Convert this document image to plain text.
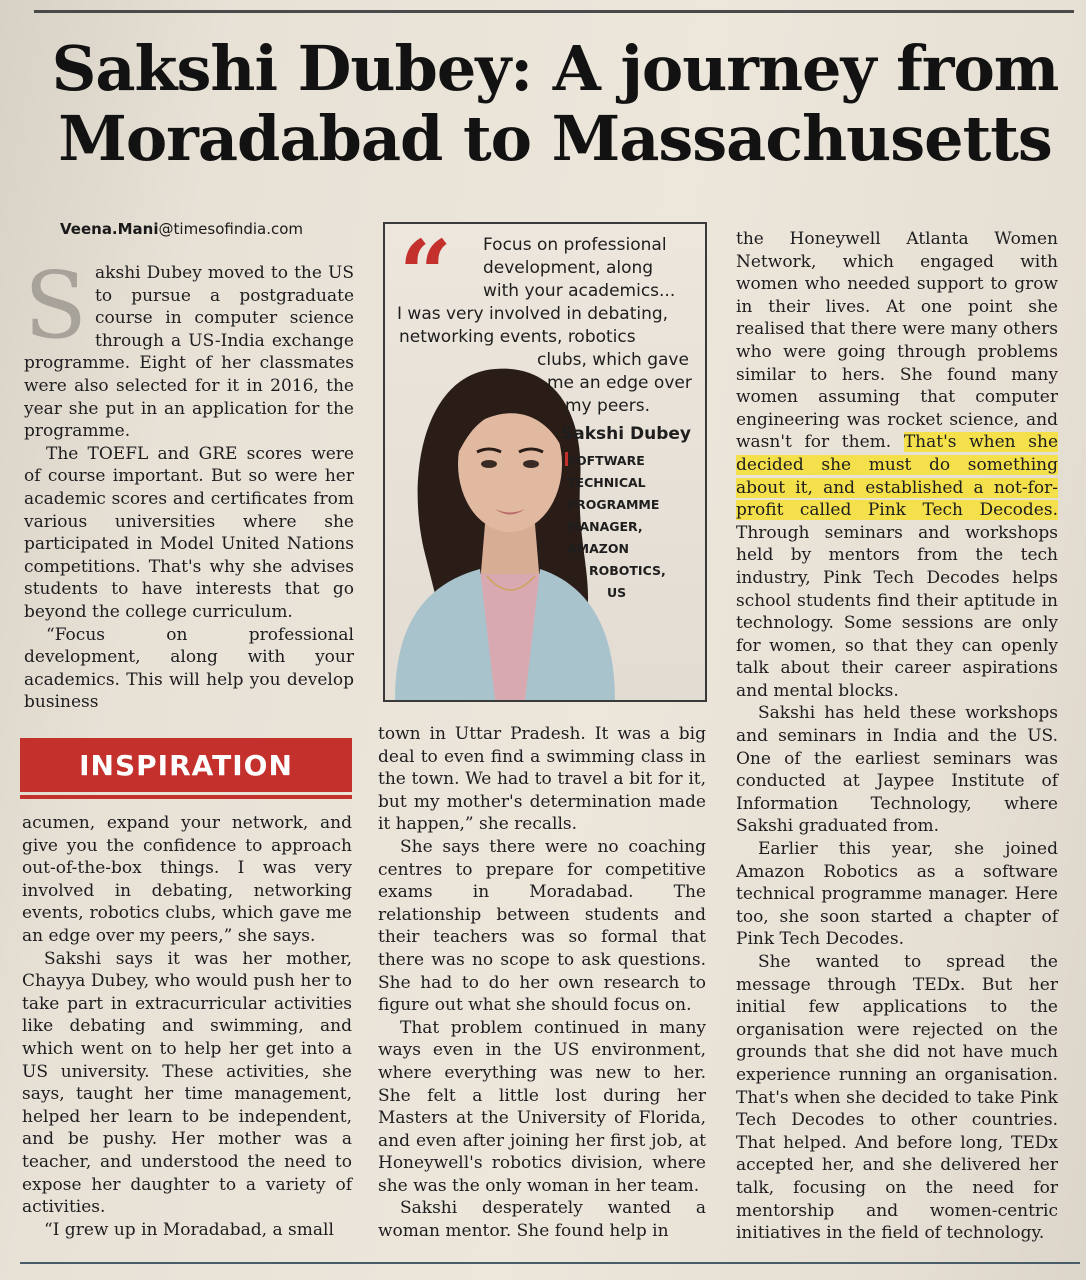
Sakshi Dubey: A journey from Moradabad to Massachusetts
Veena.Mani@timesofindia.com

Sakshi Dubey moved to the US to pursue a postgraduate course in computer science through a US-India exchange programme. Eight of her classmates were also selected for it in 2016, the year she put in an application for the programme.

The TOEFL and GRE scores were of course important. But so were her academic scores and certificates from various universities where she participated in Model United Nations competitions. That's why she advises students to have interests that go beyond the college curriculum.

“Focus on professional development, along with your academics. This will help you develop business

INSPIRATION

acumen, expand your network, and give you the confidence to approach out-of-the-box things. I was very involved in debating, networking events, robotics clubs, which gave me an edge over my peers,” she says.

Sakshi says it was her mother, Chayya Dubey, who would push her to take part in extracurricular activities like debating and swimming, and which went on to help her get into a US university. These activities, she says, taught her time management, helped her learn to be independent, and be pushy. Her mother was a teacher, and understood the need to expose her daughter to a variety of activities.

“I grew up in Moradabad, a small

“	Focus on professional
development, along
with your academics...
I was very involved in debating,
networking events, robotics
clubs, which gave
me an edge over
my peers.
Sakshi Dubey
SOFTWARE
TECHNICAL
PROGRAMME
MANAGER,
AMAZON
ROBOTICS,
US

town in Uttar Pradesh. It was a big deal to even find a swimming class in the town. We had to travel a bit for it, but my mother's determination made it happen,” she recalls.

She says there were no coaching centres to prepare for competitive exams in Moradabad. The relationship between students and their teachers was so formal that there was no scope to ask questions. She had to do her own research to figure out what she should focus on.

That problem continued in many ways even in the US environment, where everything was new to her. She felt a little lost during her Masters at the University of Florida, and even after joining her first job, at Honeywell's robotics division, where she was the only woman in her team.

Sakshi desperately wanted a woman mentor. She found help in

the Honeywell Atlanta Women Network, which engaged with women who needed support to grow in their lives. At one point she realised that there were many others who were going through problems similar to hers. She found many women assuming that computer engineering was rocket science, and wasn't for them. That's when she decided she must do something about it, and established a not-for-profit called Pink Tech Decodes. Through seminars and workshops held by mentors from the tech industry, Pink Tech Decodes helps school students find their aptitude in technology. Some sessions are only for women, so that they can openly talk about their career aspirations and mental blocks.

Sakshi has held these workshops and seminars in India and the US. One of the earliest seminars was conducted at Jaypee Institute of Information Technology, where Sakshi graduated from.

Earlier this year, she joined Amazon Robotics as a software technical programme manager. Here too, she soon started a chapter of Pink Tech Decodes.

She wanted to spread the message through TEDx. But her initial few applications to the organisation were rejected on the grounds that she did not have much experience running an organisation. That's when she decided to take Pink Tech Decodes to other countries. That helped. And before long, TEDx accepted her, and she delivered her talk, focusing on the need for mentorship and women-centric initiatives in the field of technology.
